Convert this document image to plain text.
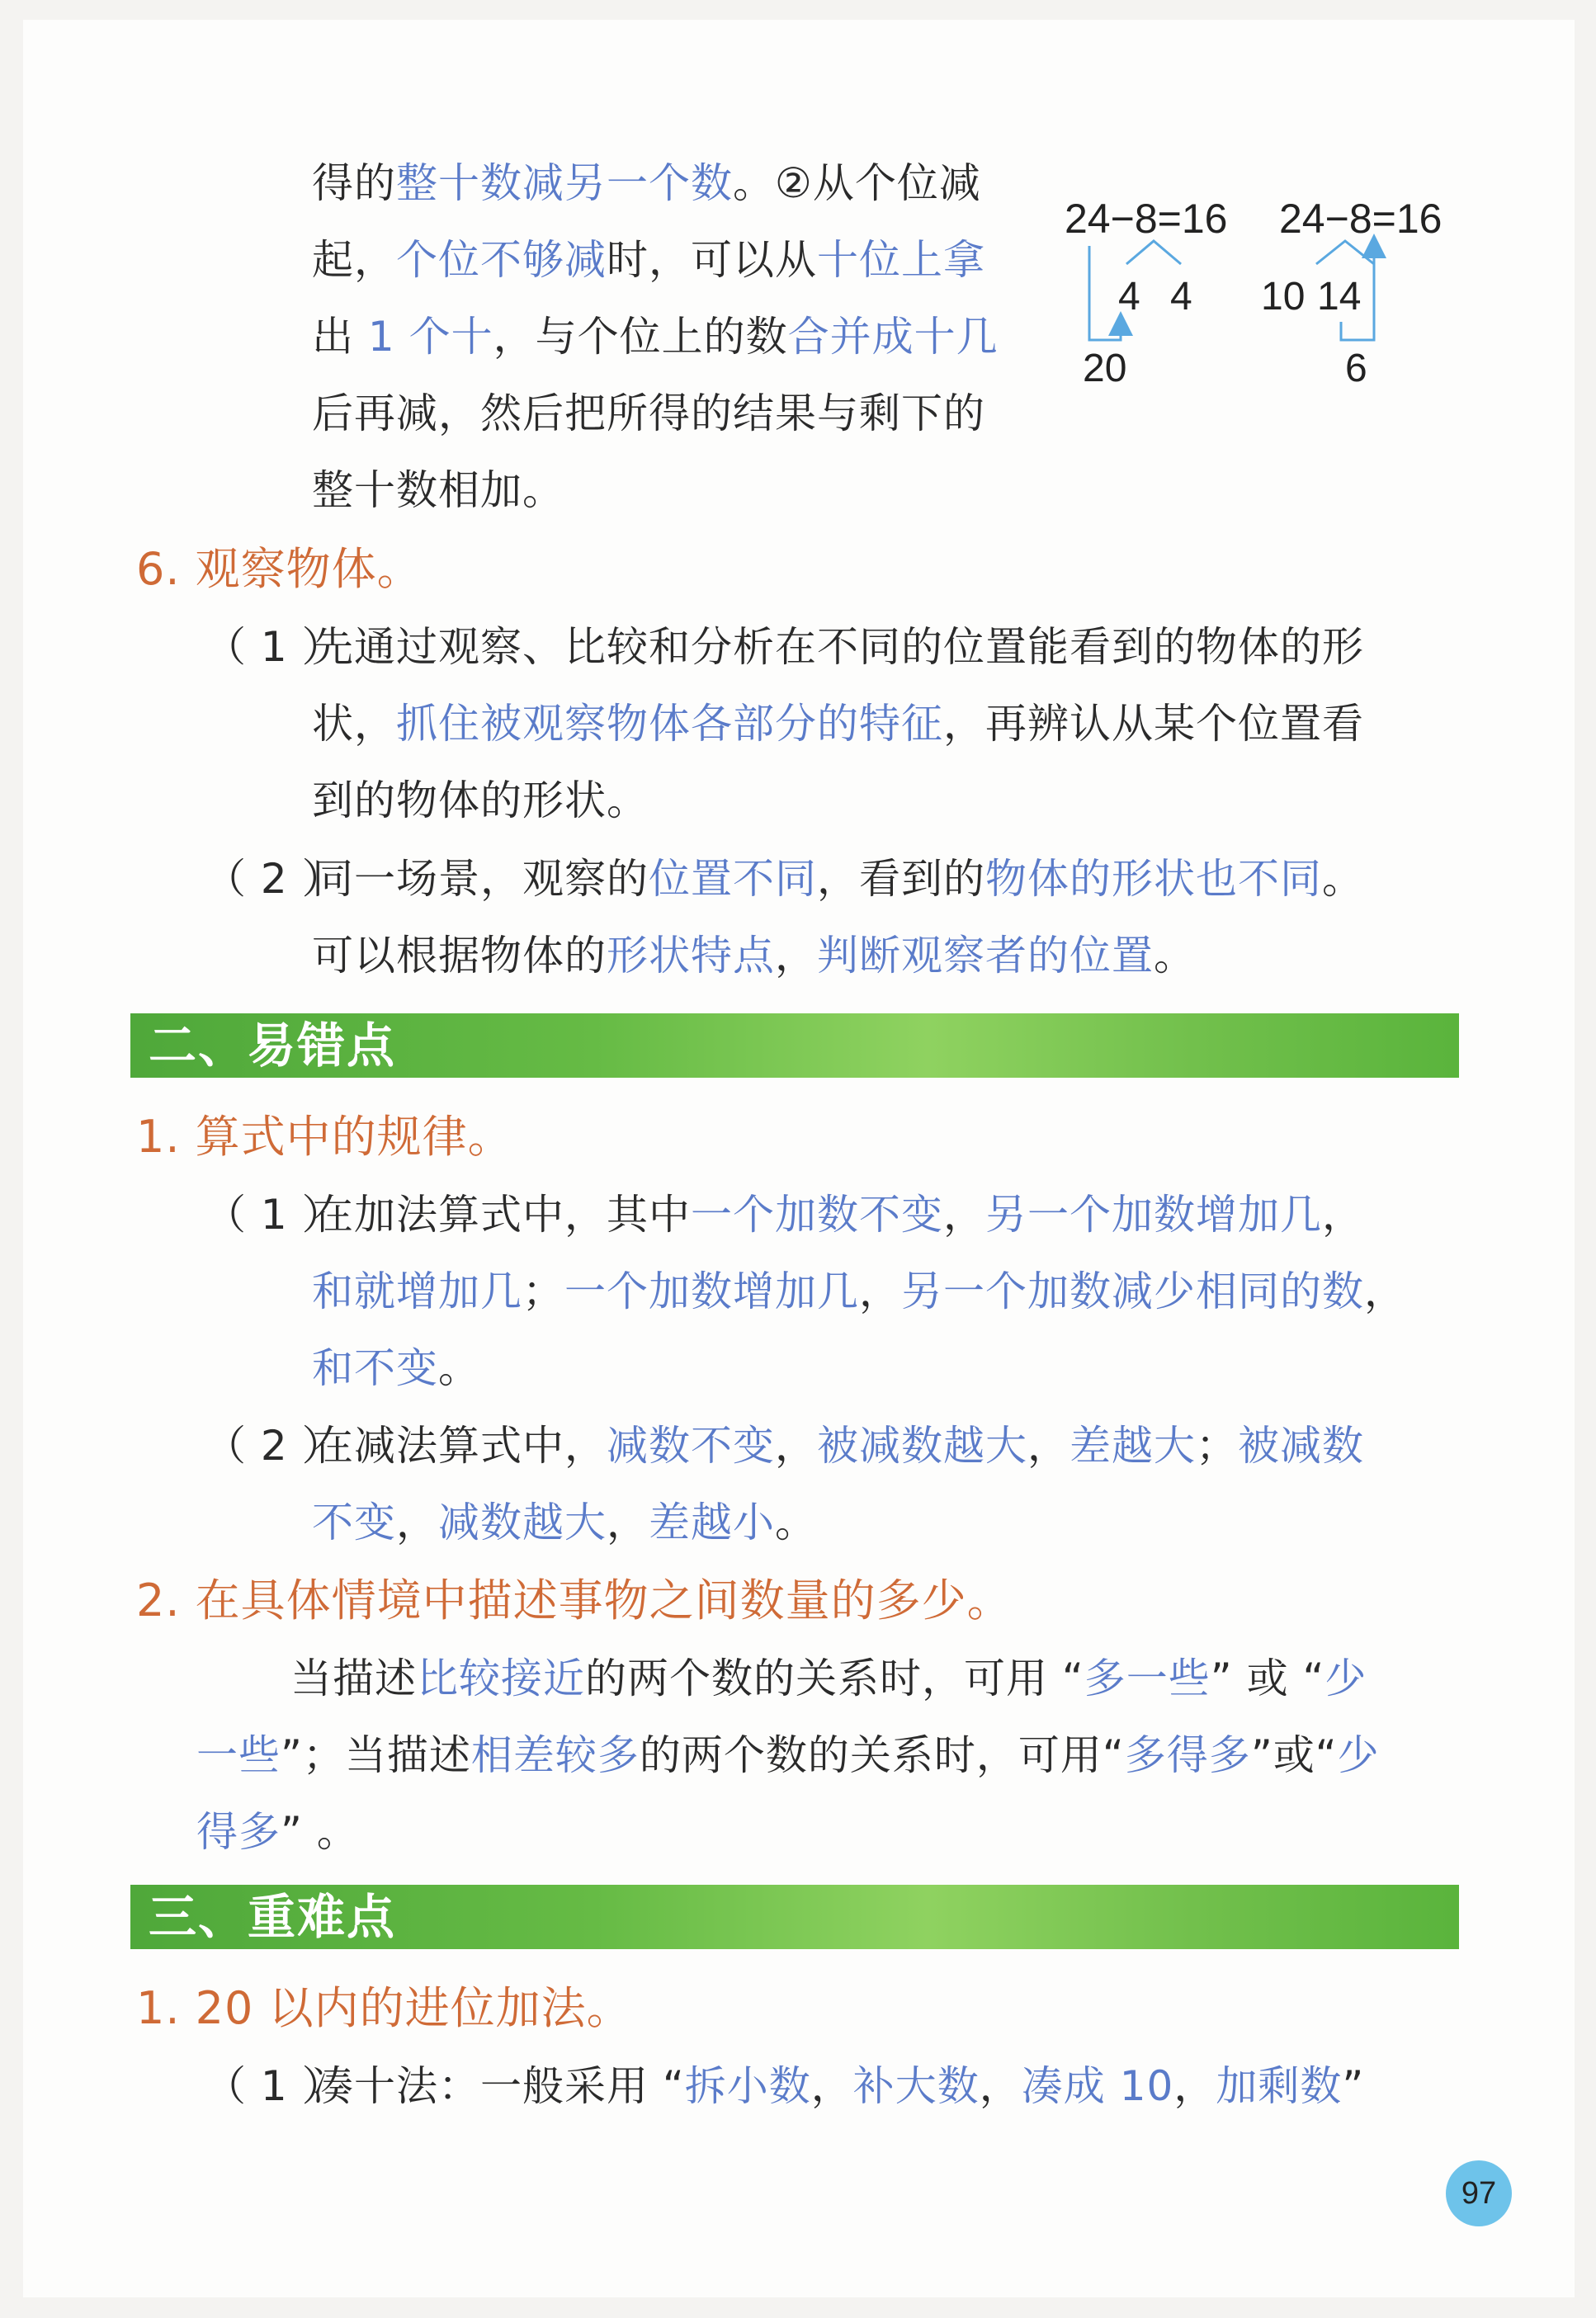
得的整十数减另一个数。②从个位减
起，个位不够减时，可以从十位上拿
出 1 个十，与个位上的数合并成十几
后再减，然后把所得的结果与剩下的
整十数相加。
24−8=16
4 4
20
24−8=16
10 14
6
6. 观察物体。
（ 1 ）
先通过观察、比较和分析在不同的位置能看到的物体的形
状，抓住被观察物体各部分的特征，再辨认从某个位置看
到的物体的形状。
（ 2 ）
同一场景，观察的位置不同，看到的物体的形状也不同。
可以根据物体的形状特点，判断观察者的位置。
二、易错点
1. 算式中的规律。
（ 1 ）
在加法算式中，其中一个加数不变，另一个加数增加几，
和就增加几；一个加数增加几，另一个加数减少相同的数，
和不变。
（ 2 ）
在减法算式中，减数不变，被减数越大，差越大；被减数
不变，减数越大，差越小。
2. 在具体情境中描述事物之间数量的多少。
当描述比较接近的两个数的关系时，可用 “多一些” 或 “少
一些”；当描述相差较多的两个数的关系时，可用“多得多”或“少
得多” 。
三、重难点
1. 20 以内的进位加法。
（ 1 ）
凑十法：一般采用 “拆小数，补大数，凑成 10，加剩数”
97
